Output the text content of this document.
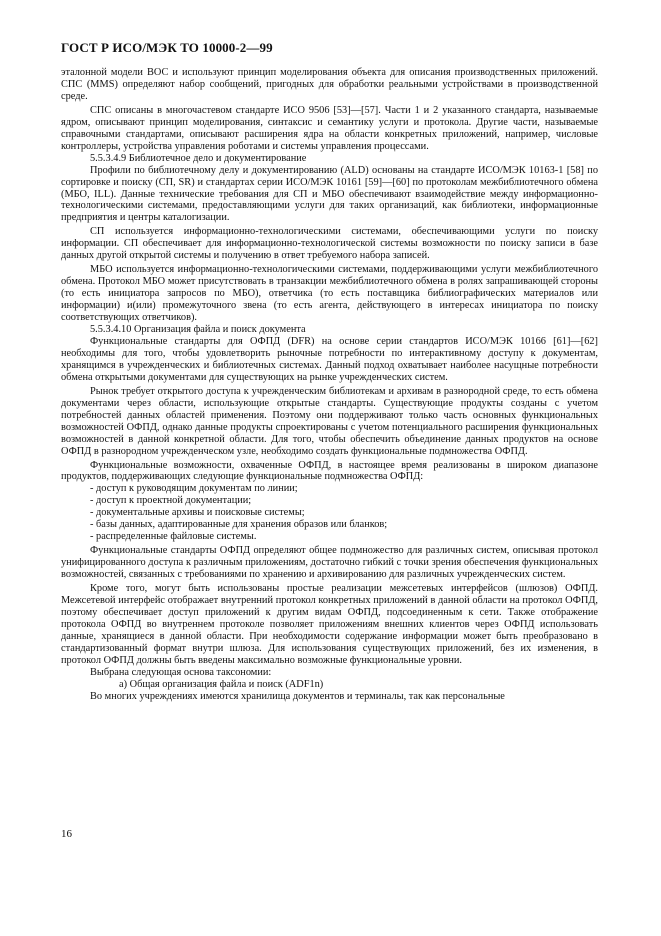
ГОСТ Р ИСО/МЭК ТО 10000-2—99

эталонной модели ВОС и используют принцип моделирования объекта для описания производственных приложений. СПС (MMS) определяют набор сообщений, пригодных для обработки реальными устройствами в производственной среде.

СПС описаны в многочастевом стандарте ИСО 9506 [53]—[57]. Части 1 и 2 указанного стандарта, называемые ядром, описывают принцип моделирования, синтаксис и семантику услуги и протокола. Другие части, называемые справочными стандартами, описывают расширения ядра на области конкретных приложений, например, числовые контроллеры, устройства управления роботами и системы управления процессами.

5.5.3.4.9 Библиотечное дело и документирование

Профили по библиотечному делу и документированию (ALD) основаны на стандарте ИСО/МЭК 10163-1 [58] по сортировке и поиску (СП, SR) и стандартах серии ИСО/МЭК 10161 [59]—[60] по протоколам межбиблиотечного обмена (МБО, ILL). Данные технические требования для СП и МБО обеспечивают взаимодействие между информационно-технологическими системами, предоставляющими услуги для таких организаций, как библиотеки, информационные предприятия и центры каталогизации.

СП используется информационно-технологическими системами, обеспечивающими услуги по поиску информации. СП обеспечивает для информационно-технологической системы возможности по поиску записи в базе данных другой открытой системы и получению в ответ требуемого набора записей.

МБО используется информационно-технологическими системами, поддерживающими услуги межбиблиотечного обмена. Протокол МБО может присутствовать в транзакции межбиблиотечного обмена в ролях запрашивающей стороны (то есть инициатора запросов по МБО), ответчика (то есть поставщика библиографических материалов или информации) и(или) промежуточного звена (то есть агента, действующего в интересах инициатора по поиску соответствующих ответчиков).

5.5.3.4.10 Организация файла и поиск документа

Функциональные стандарты для ОФПД (DFR) на основе серии стандартов ИСО/МЭК 10166 [61]—[62] необходимы для того, чтобы удовлетворить рыночные потребности по интерактивному доступу к документам, хранящимся в учрежденческих и библиотечных системах. Данный подход охватывает наиболее насущные потребности обмена открытыми документами для существующих на рынке учрежденческих систем.

Рынок требует открытого доступа к учрежденческим библиотекам и архивам в разнородной среде, то есть обмена документами через области, использующие открытые стандарты. Существующие продукты созданы с учетом потребностей данных областей применения. Поэтому они поддерживают только часть основных функциональных возможностей ОФПД, однако данные продукты спроектированы с учетом потенциального расширения функциональных возможностей в данной конкретной области. Для того, чтобы обеспечить объединение данных продуктов на основе ОФПД в разнородном учрежденческом узле, необходимо создать функциональные подмножества ОФПД.

Функциональные возможности, охваченные ОФПД, в настоящее время реализованы в широком диапазоне продуктов, поддерживающих следующие функциональные подмножества ОФПД:

- доступ к руководящим документам по линии;
- доступ к проектной документации;
- документальные архивы и поисковые системы;
- базы данных, адаптированные для хранения образов или бланков;
- распределенные файловые системы.

Функциональные стандарты ОФПД определяют общее подмножество для различных систем, описывая протокол унифицированного доступа к различным приложениям, достаточно гибкий с точки зрения обеспечения функциональных возможностей, связанных с требованиями по хранению и архивированию для различных учрежденческих систем.

Кроме того, могут быть использованы простые реализации межсетевых интерфейсов (шлюзов) ОФПД. Межсетевой интерфейс отображает внутренний протокол конкретных приложений в данной области на протокол ОФПД, поэтому обеспечивает доступ приложений к другим видам ОФПД, подсоединенным к сети. Также отображение протокола ОФПД во внутреннем протоколе позволяет приложениям внешних клиентов через ОФПД использовать данные, хранящиеся в данной области. При необходимости содержание информации может быть преобразовано в стандартизованный формат внутри шлюза. Для использования существующих приложений, без их изменения, в протокол ОФПД должны быть введены максимально возможные функциональные уровни.

Выбрана следующая основа таксономии:

а) Общая организация файла и поиск (ADF1n)

Во многих учреждениях имеются хранилища документов и терминалы, так как персональные

16
